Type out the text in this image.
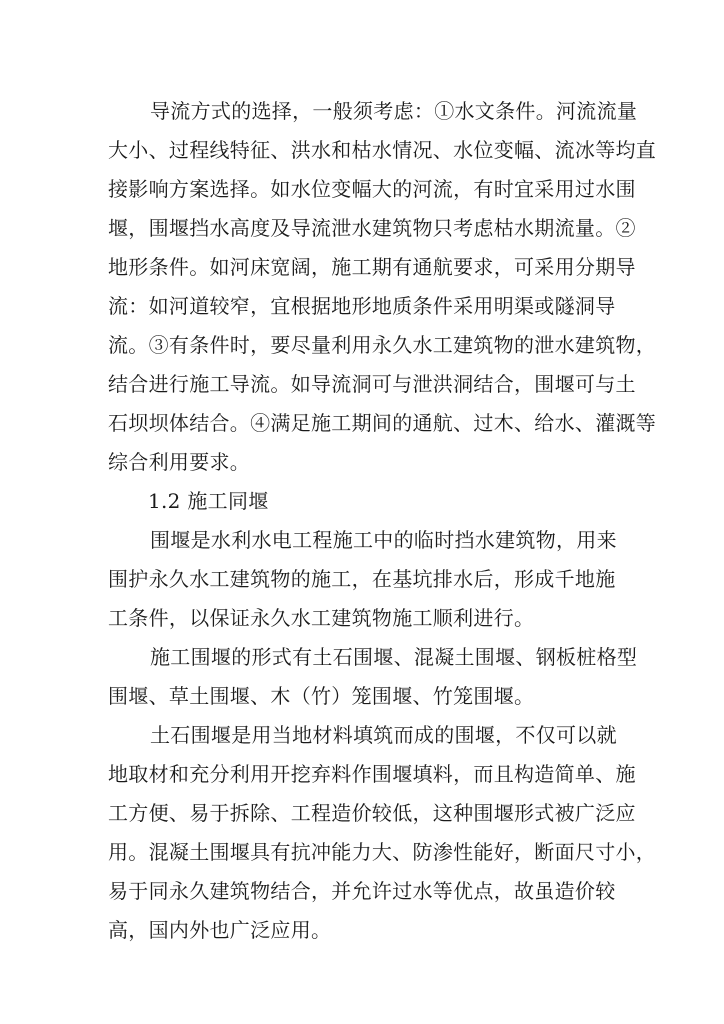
导流方式的选择，一般须考虑：①水文条件。河流流量
大小、过程线特征、洪水和枯水情况、水位变幅、流冰等均直
接影响方案选择。如水位变幅大的河流，有时宜采用过水围
堰，围堰挡水高度及导流泄水建筑物只考虑枯水期流量。②
地形条件。如河床宽阔，施工期有通航要求，可采用分期导
流：如河道较窄，宜根据地形地质条件采用明渠或隧洞导
流。③有条件时，要尽量利用永久水工建筑物的泄水建筑物，
结合进行施工导流。如导流洞可与泄洪洞结合，围堰可与土
石坝坝体结合。④满足施工期间的通航、过木、给水、灌溉等
综合利用要求。
1.2 施工同堰
围堰是水利水电工程施工中的临时挡水建筑物，用来
围护永久水工建筑物的施工，在基坑排水后，形成千地施
工条件，以保证永久水工建筑物施工顺利进行。
施工围堰的形式有土石围堰、混凝土围堰、钢板桩格型
围堰、草土围堰、木（竹）笼围堰、竹笼围堰。
土石围堰是用当地材料填筑而成的围堰，不仅可以就
地取材和充分利用开挖弃料作围堰填料，而且构造简单、施
工方便、易于拆除、工程造价较低，这种围堰形式被广泛应
用。混凝土围堰具有抗冲能力大、防渗性能好，断面尺寸小，
易于同永久建筑物结合，并允许过水等优点，故虽造价较
高，国内外也广泛应用。
